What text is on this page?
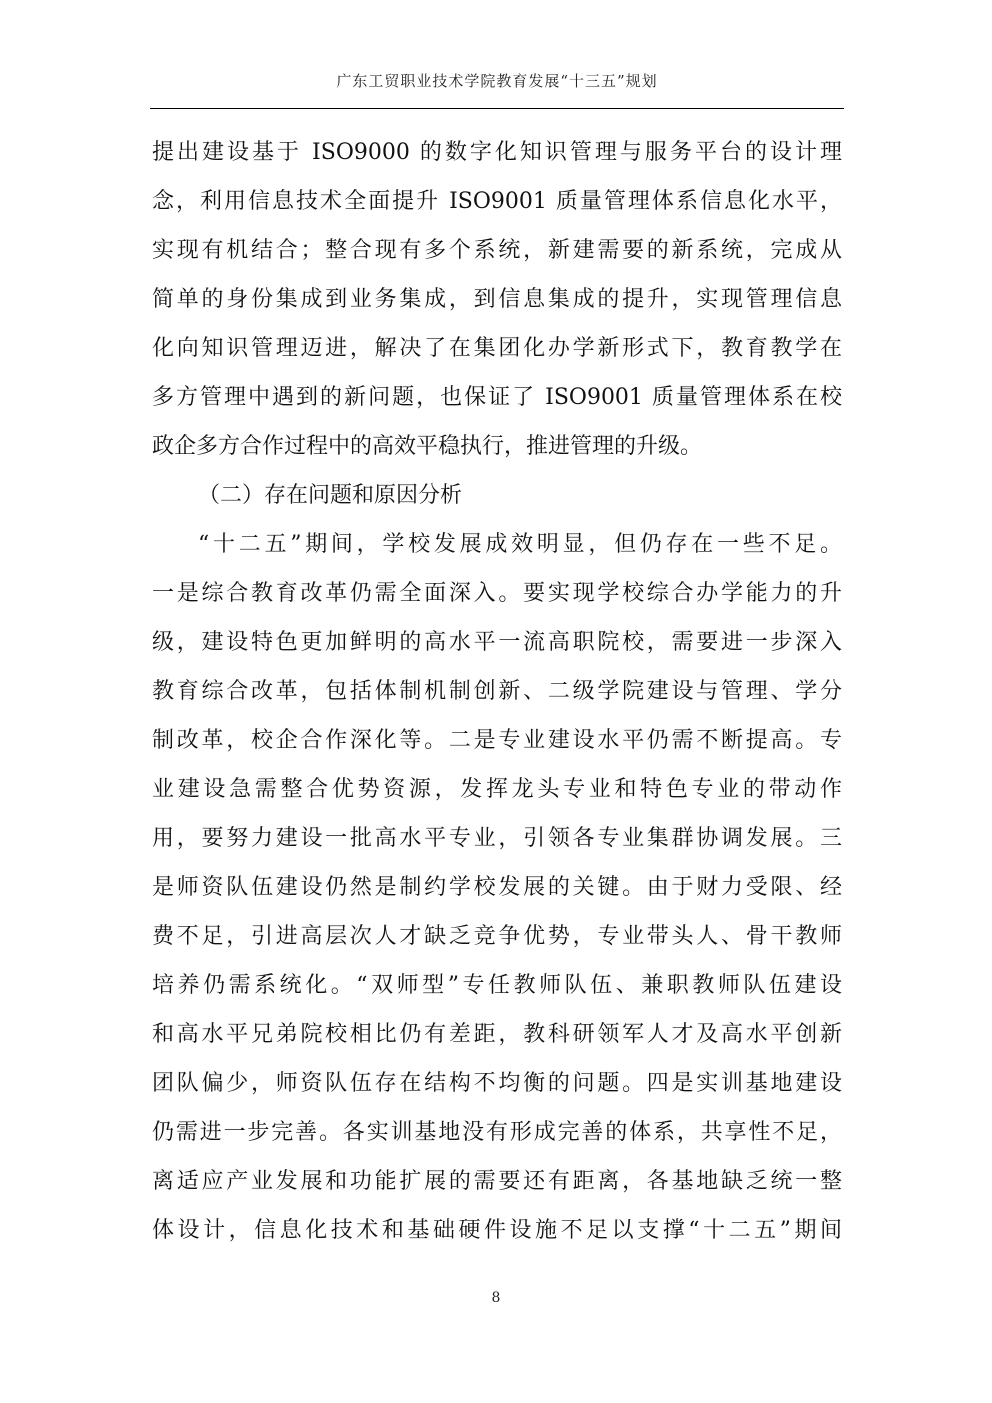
广东工贸职业技术学院教育发展“十三五”规划
提出建设基于 ISO9000 的数字化知识管理与服务平台的设计理
念，利用信息技术全面提升 ISO9001 质量管理体系信息化水平，
实现有机结合；整合现有多个系统，新建需要的新系统，完成从
简单的身份集成到业务集成，到信息集成的提升，实现管理信息
化向知识管理迈进，解决了在集团化办学新形式下，教育教学在
多方管理中遇到的新问题，也保证了 ISO9001 质量管理体系在校
政企多方合作过程中的高效平稳执行，推进管理的升级。
（二）存在问题和原因分析
“十二五”期间，学校发展成效明显，但仍存在一些不足。
一是综合教育改革仍需全面深入。要实现学校综合办学能力的升
级，建设特色更加鲜明的高水平一流高职院校，需要进一步深入
教育综合改革，包括体制机制创新、二级学院建设与管理、学分
制改革，校企合作深化等。二是专业建设水平仍需不断提高。专
业建设急需整合优势资源，发挥龙头专业和特色专业的带动作
用，要努力建设一批高水平专业，引领各专业集群协调发展。三
是师资队伍建设仍然是制约学校发展的关键。由于财力受限、经
费不足，引进高层次人才缺乏竞争优势，专业带头人、骨干教师
培养仍需系统化。“双师型”专任教师队伍、兼职教师队伍建设
和高水平兄弟院校相比仍有差距，教科研领军人才及高水平创新
团队偏少，师资队伍存在结构不均衡的问题。四是实训基地建设
仍需进一步完善。各实训基地没有形成完善的体系，共享性不足，
离适应产业发展和功能扩展的需要还有距离，各基地缺乏统一整
体设计，信息化技术和基础硬件设施不足以支撑“十二五”期间
8
